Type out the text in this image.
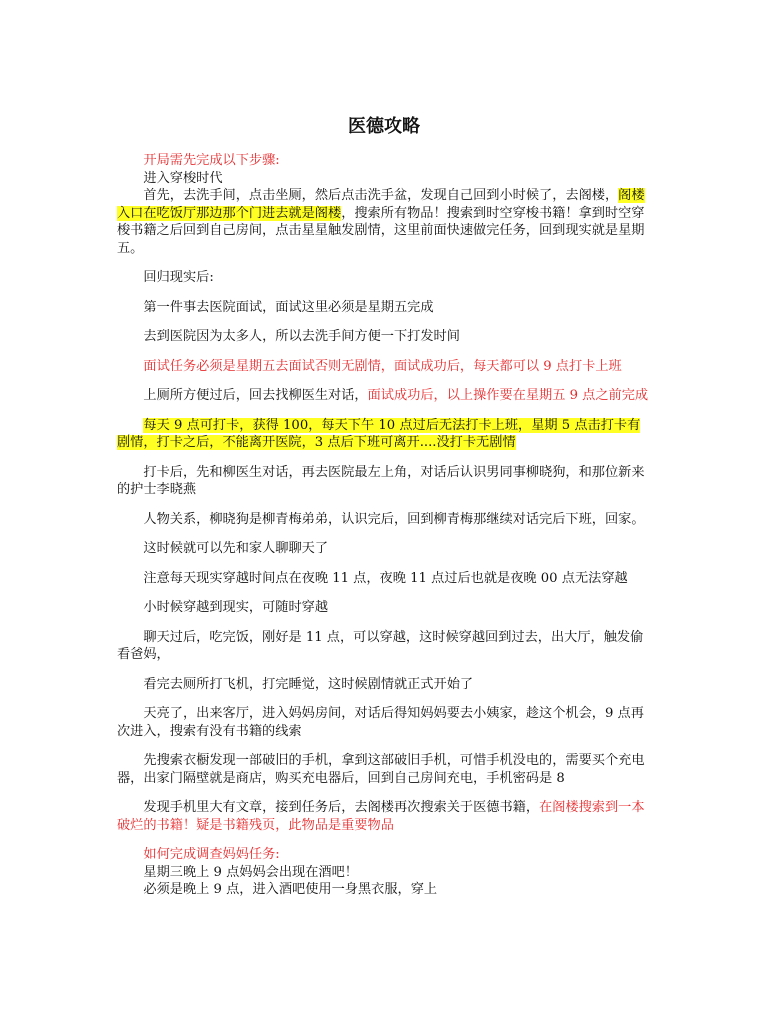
医德攻略

开局需先完成以下步骤:

进入穿梭时代

首先，去洗手间，点击坐厕，然后点击洗手盆，发现自己回到小时候了，去阁楼，阁楼入口在吃饭厅那边那个门进去就是阁楼，搜索所有物品！搜索到时空穿梭书籍！拿到时空穿梭书籍之后回到自己房间，点击星星触发剧情，这里前面快速做完任务，回到现实就是星期五。

回归现实后:

第一件事去医院面试，面试这里必须是星期五完成

去到医院因为太多人，所以去洗手间方便一下打发时间

面试任务必须是星期五去面试否则无剧情，面试成功后，每天都可以 9 点打卡上班

上厕所方便过后，回去找柳医生对话，面试成功后，以上操作要在星期五 9 点之前完成

每天 9 点可打卡，获得 100，每天下午 10 点过后无法打卡上班，星期 5 点击打卡有剧情，打卡之后，不能离开医院，3 点后下班可离开....没打卡无剧情

打卡后，先和柳医生对话，再去医院最左上角，对话后认识男同事柳晓狗，和那位新来的护士李晓燕

人物关系，柳晓狗是柳青梅弟弟，认识完后，回到柳青梅那继续对话完后下班，回家。

这时候就可以先和家人聊聊天了

注意每天现实穿越时间点在夜晚 11 点，夜晚 11 点过后也就是夜晚 00 点无法穿越

小时候穿越到现实，可随时穿越

聊天过后，吃完饭，刚好是 11 点，可以穿越，这时候穿越回到过去，出大厅，触发偷看爸妈，

看完去厕所打飞机，打完睡觉，这时候剧情就正式开始了

天亮了，出来客厅，进入妈妈房间，对话后得知妈妈要去小姨家，趁这个机会，9 点再次进入，搜索有没有书籍的线索

先搜索衣橱发现一部破旧的手机，拿到这部破旧手机，可惜手机没电的，需要买个充电器，出家门隔壁就是商店，购买充电器后，回到自己房间充电，手机密码是 8

发现手机里大有文章，接到任务后，去阁楼再次搜索关于医德书籍，在阁楼搜索到一本破烂的书籍！疑是书籍残页，此物品是重要物品

如何完成调查妈妈任务:

星期三晚上 9 点妈妈会出现在酒吧！

必须是晚上 9 点，进入酒吧使用一身黑衣服，穿上
